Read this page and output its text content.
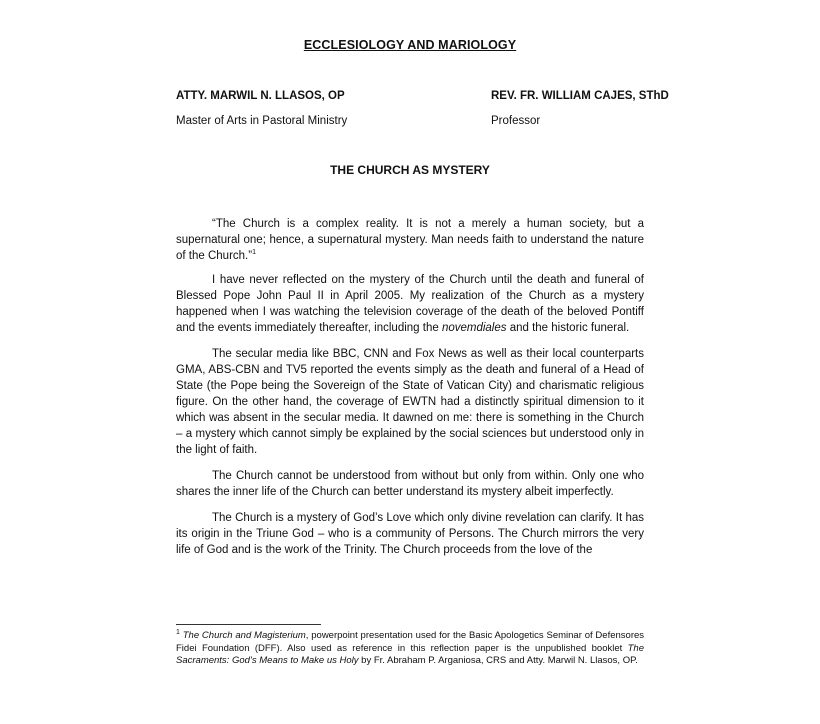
ECCLESIOLOGY AND MARIOLOGY
ATTY. MARWIL N. LLASOS, OP
Master of Arts in Pastoral Ministry
REV. FR. WILLIAM CAJES, SThD
Professor
THE CHURCH AS MYSTERY

“The Church is a complex reality. It is not a merely a human society, but a supernatural one; hence, a supernatural mystery. Man needs faith to understand the nature of the Church.”$^1$

I have never reflected on the mystery of the Church until the death and funeral of Blessed Pope John Paul II in April 2005. My realization of the Church as a mystery happened when I was watching the television coverage of the death of the beloved Pontiff and the events immediately thereafter, including the novemdiales and the historic funeral.

The secular media like BBC, CNN and Fox News as well as their local counterparts GMA, ABS-CBN and TV5 reported the events simply as the death and funeral of a Head of State (the Pope being the Sovereign of the State of Vatican City) and charismatic religious figure. On the other hand, the coverage of EWTN had a distinctly spiritual dimension to it which was absent in the secular media. It dawned on me: there is something in the Church – a mystery which cannot simply be explained by the social sciences but understood only in the light of faith.

The Church cannot be understood from without but only from within. Only one who shares the inner life of the Church can better understand its mystery albeit imperfectly.

The Church is a mystery of God’s Love which only divine revelation can clarify. It has its origin in the Triune God – who is a community of Persons. The Church mirrors the very life of God and is the work of the Trinity. The Church proceeds from the love of the

$^1$ The Church and Magisterium, powerpoint presentation used for the Basic Apologetics Seminar of Defensores Fidei Foundation (DFF). Also used as reference in this reflection paper is the unpublished booklet The Sacraments: God’s Means to Make us Holy by Fr. Abraham P. Arganiosa, CRS and Atty. Marwil N. Llasos, OP.
